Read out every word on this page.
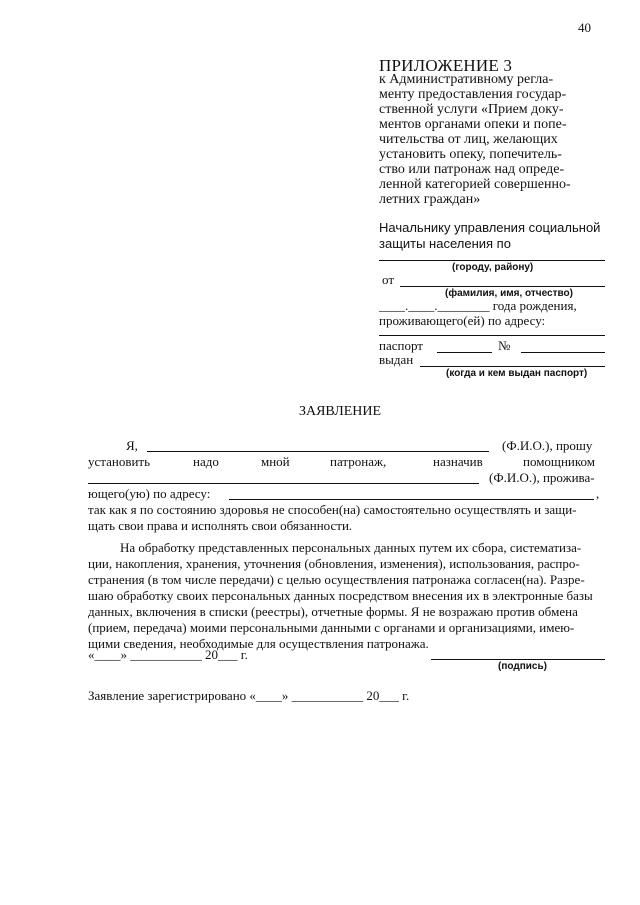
40
ПРИЛОЖЕНИЕ 3
к Административному регла-
менту предоставления государ-
ственной услуги «Прием доку-
ментов органами опеки и попе-
чительства от лиц, желающих
установить опеку, попечитель-
ство или патронаж над опреде-
ленной категорией совершенно-
летних граждан»
Начальнику управления социальной
защиты населения по
(городу, району)
от
(фамилия, имя, отчество)
____.____.________ года рождения,
проживающего(ей) по адресу:
паспорт	№
выдан
(когда и кем выдан паспорт)
ЗАЯВЛЕНИЕ
Я,	(Ф.И.О.), прошу
установить	надо	мной	патронаж,	назначив	помощником
(Ф.И.О.), прожива-
ющего(ую) по адресу:	,
так как я по состоянию здоровья не способен(на) самостоятельно осуществлять и защи-
щать свои права и исполнять свои обязанности.
На обработку представленных персональных данных путем их сбора, систематиза-
ции, накопления, хранения, уточнения (обновления, изменения), использования, распро-
странения (в том числе передачи) с целью осуществления патронажа согласен(на). Разре-
шаю обработку своих персональных данных посредством внесения их в электронные базы
данных, включения в списки (реестры), отчетные формы. Я не возражаю против обмена
(прием, передача) моими персональными данными с органами и организациями, имею-
щими сведения, необходимые для осуществления патронажа.
«____» ___________ 20___ г.
(подпись)
Заявление зарегистрировано «____» ___________ 20___ г.
